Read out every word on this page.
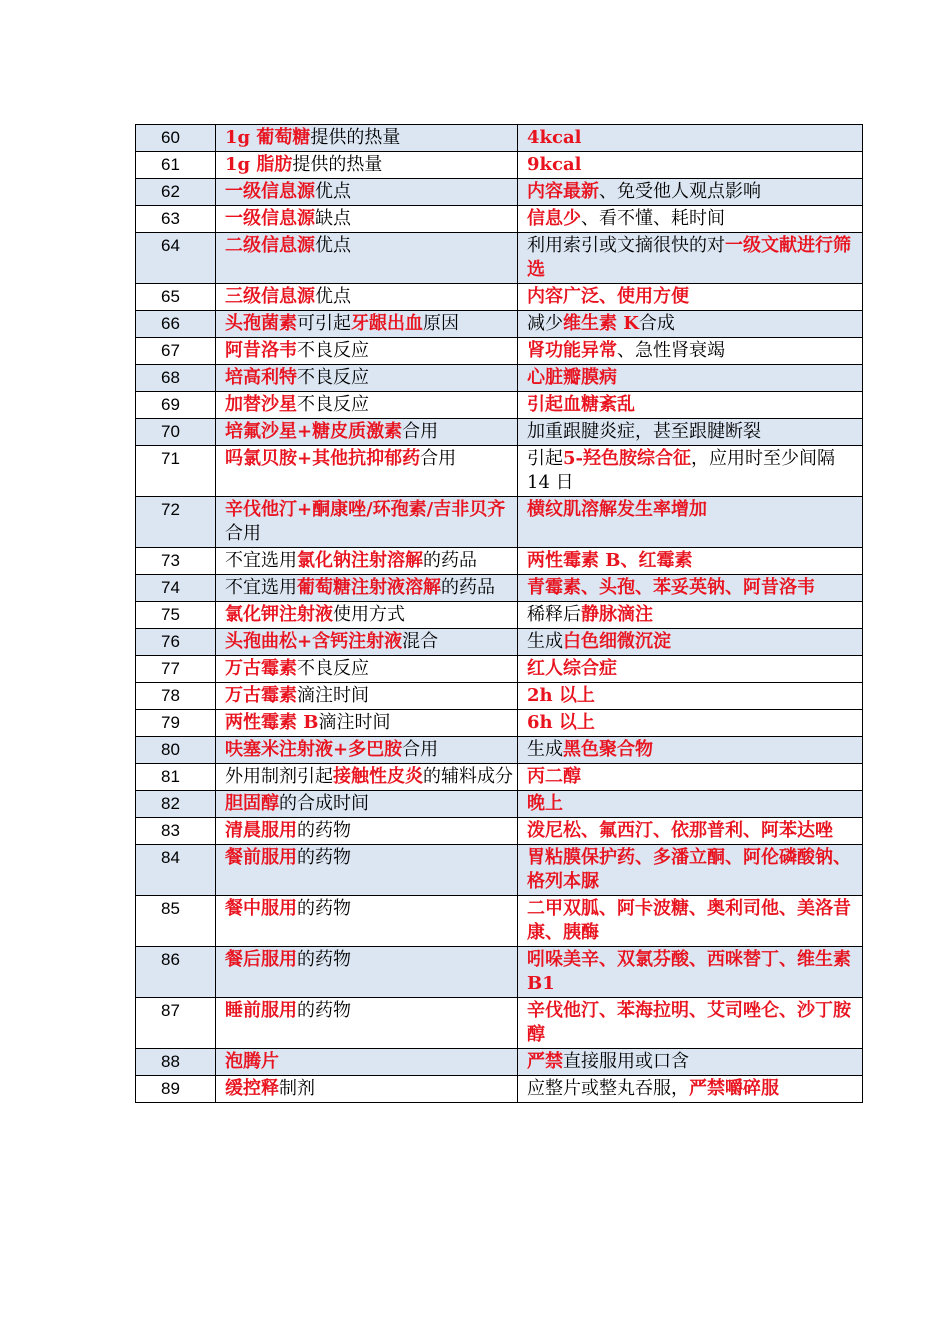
60	1g 葡萄糖提供的热量	4kcal
61	1g 脂肪提供的热量	9kcal
62	一级信息源优点	内容最新、免受他人观点影响
63	一级信息源缺点	信息少、看不懂、耗时间
64	二级信息源优点	利用索引或文摘很快的对一级文献进行筛选
65	三级信息源优点	内容广泛、使用方便
66	头孢菌素可引起牙龈出血原因	减少维生素 K合成
67	阿昔洛韦不良反应	肾功能异常、急性肾衰竭
68	培高利特不良反应	心脏瓣膜病
69	加替沙星不良反应	引起血糖紊乱
70	培氟沙星+糖皮质激素合用	加重跟腱炎症，甚至跟腱断裂
71	吗氯贝胺+其他抗抑郁药合用	引起5-羟色胺综合征，应用时至少间隔 14 日
72	辛伐他汀+酮康唑/环孢素/吉非贝齐合用	横纹肌溶解发生率增加
73	不宜选用氯化钠注射溶解的药品	两性霉素 B、红霉素
74	不宜选用葡萄糖注射液溶解的药品	青霉素、头孢、苯妥英钠、阿昔洛韦
75	氯化钾注射液使用方式	稀释后静脉滴注
76	头孢曲松+含钙注射液混合	生成白色细微沉淀
77	万古霉素不良反应	红人综合症
78	万古霉素滴注时间	2h 以上
79	两性霉素 B滴注时间	6h 以上
80	呋塞米注射液+多巴胺合用	生成黑色聚合物
81	外用制剂引起接触性皮炎的辅料成分	丙二醇
82	胆固醇的合成时间	晚上
83	清晨服用的药物	泼尼松、氟西汀、依那普利、阿苯达唑
84	餐前服用的药物	胃粘膜保护药、多潘立酮、阿伦磷酸钠、格列本脲
85	餐中服用的药物	二甲双胍、阿卡波糖、奥利司他、美洛昔康、胰酶
86	餐后服用的药物	吲哚美辛、双氯芬酸、西咪替丁、维生素 B1
87	睡前服用的药物	辛伐他汀、苯海拉明、艾司唑仑、沙丁胺醇
88	泡腾片	严禁直接服用或口含
89	缓控释制剂	应整片或整丸吞服，严禁嚼碎服
